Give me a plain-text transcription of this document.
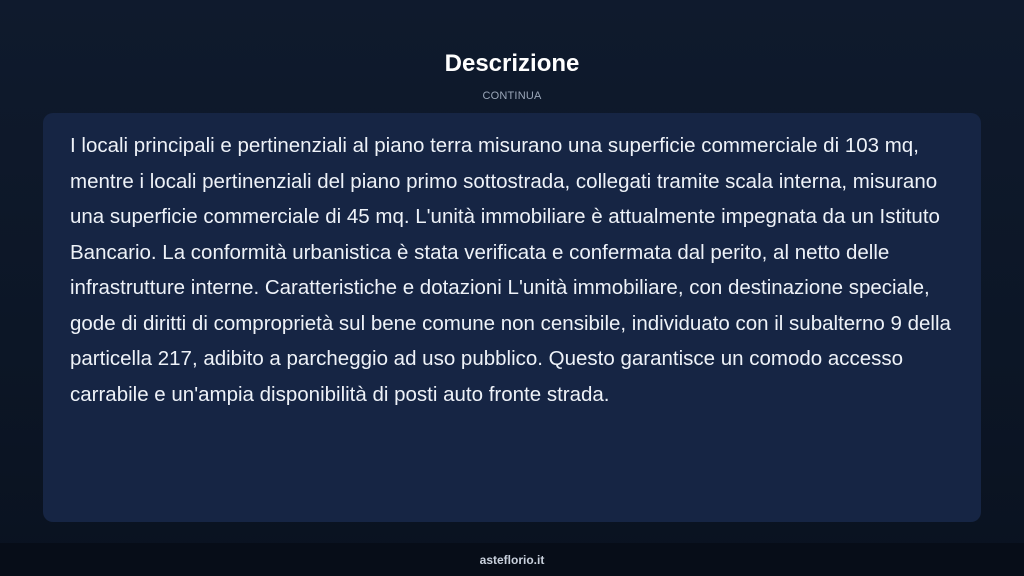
Descrizione
CONTINUA

I locali principali e pertinenziali al piano terra misurano una superficie commerciale di 103 mq, mentre i locali pertinenziali del piano primo sottostrada, collegati tramite scala interna, misurano una superficie commerciale di 45 mq. L'unità immobiliare è attualmente impegnata da un Istituto Bancario. La conformità urbanistica è stata verificata e confermata dal perito, al netto delle infrastrutture interne. Caratteristiche e dotazioni L'unità immobiliare, con destinazione speciale, gode di diritti di comproprietà sul bene comune non censibile, individuato con il subalterno 9 della particella 217, adibito a parcheggio ad uso pubblico. Questo garantisce un comodo accesso carrabile e un'ampia disponibilità di posti auto fronte strada.

asteflorio.it
